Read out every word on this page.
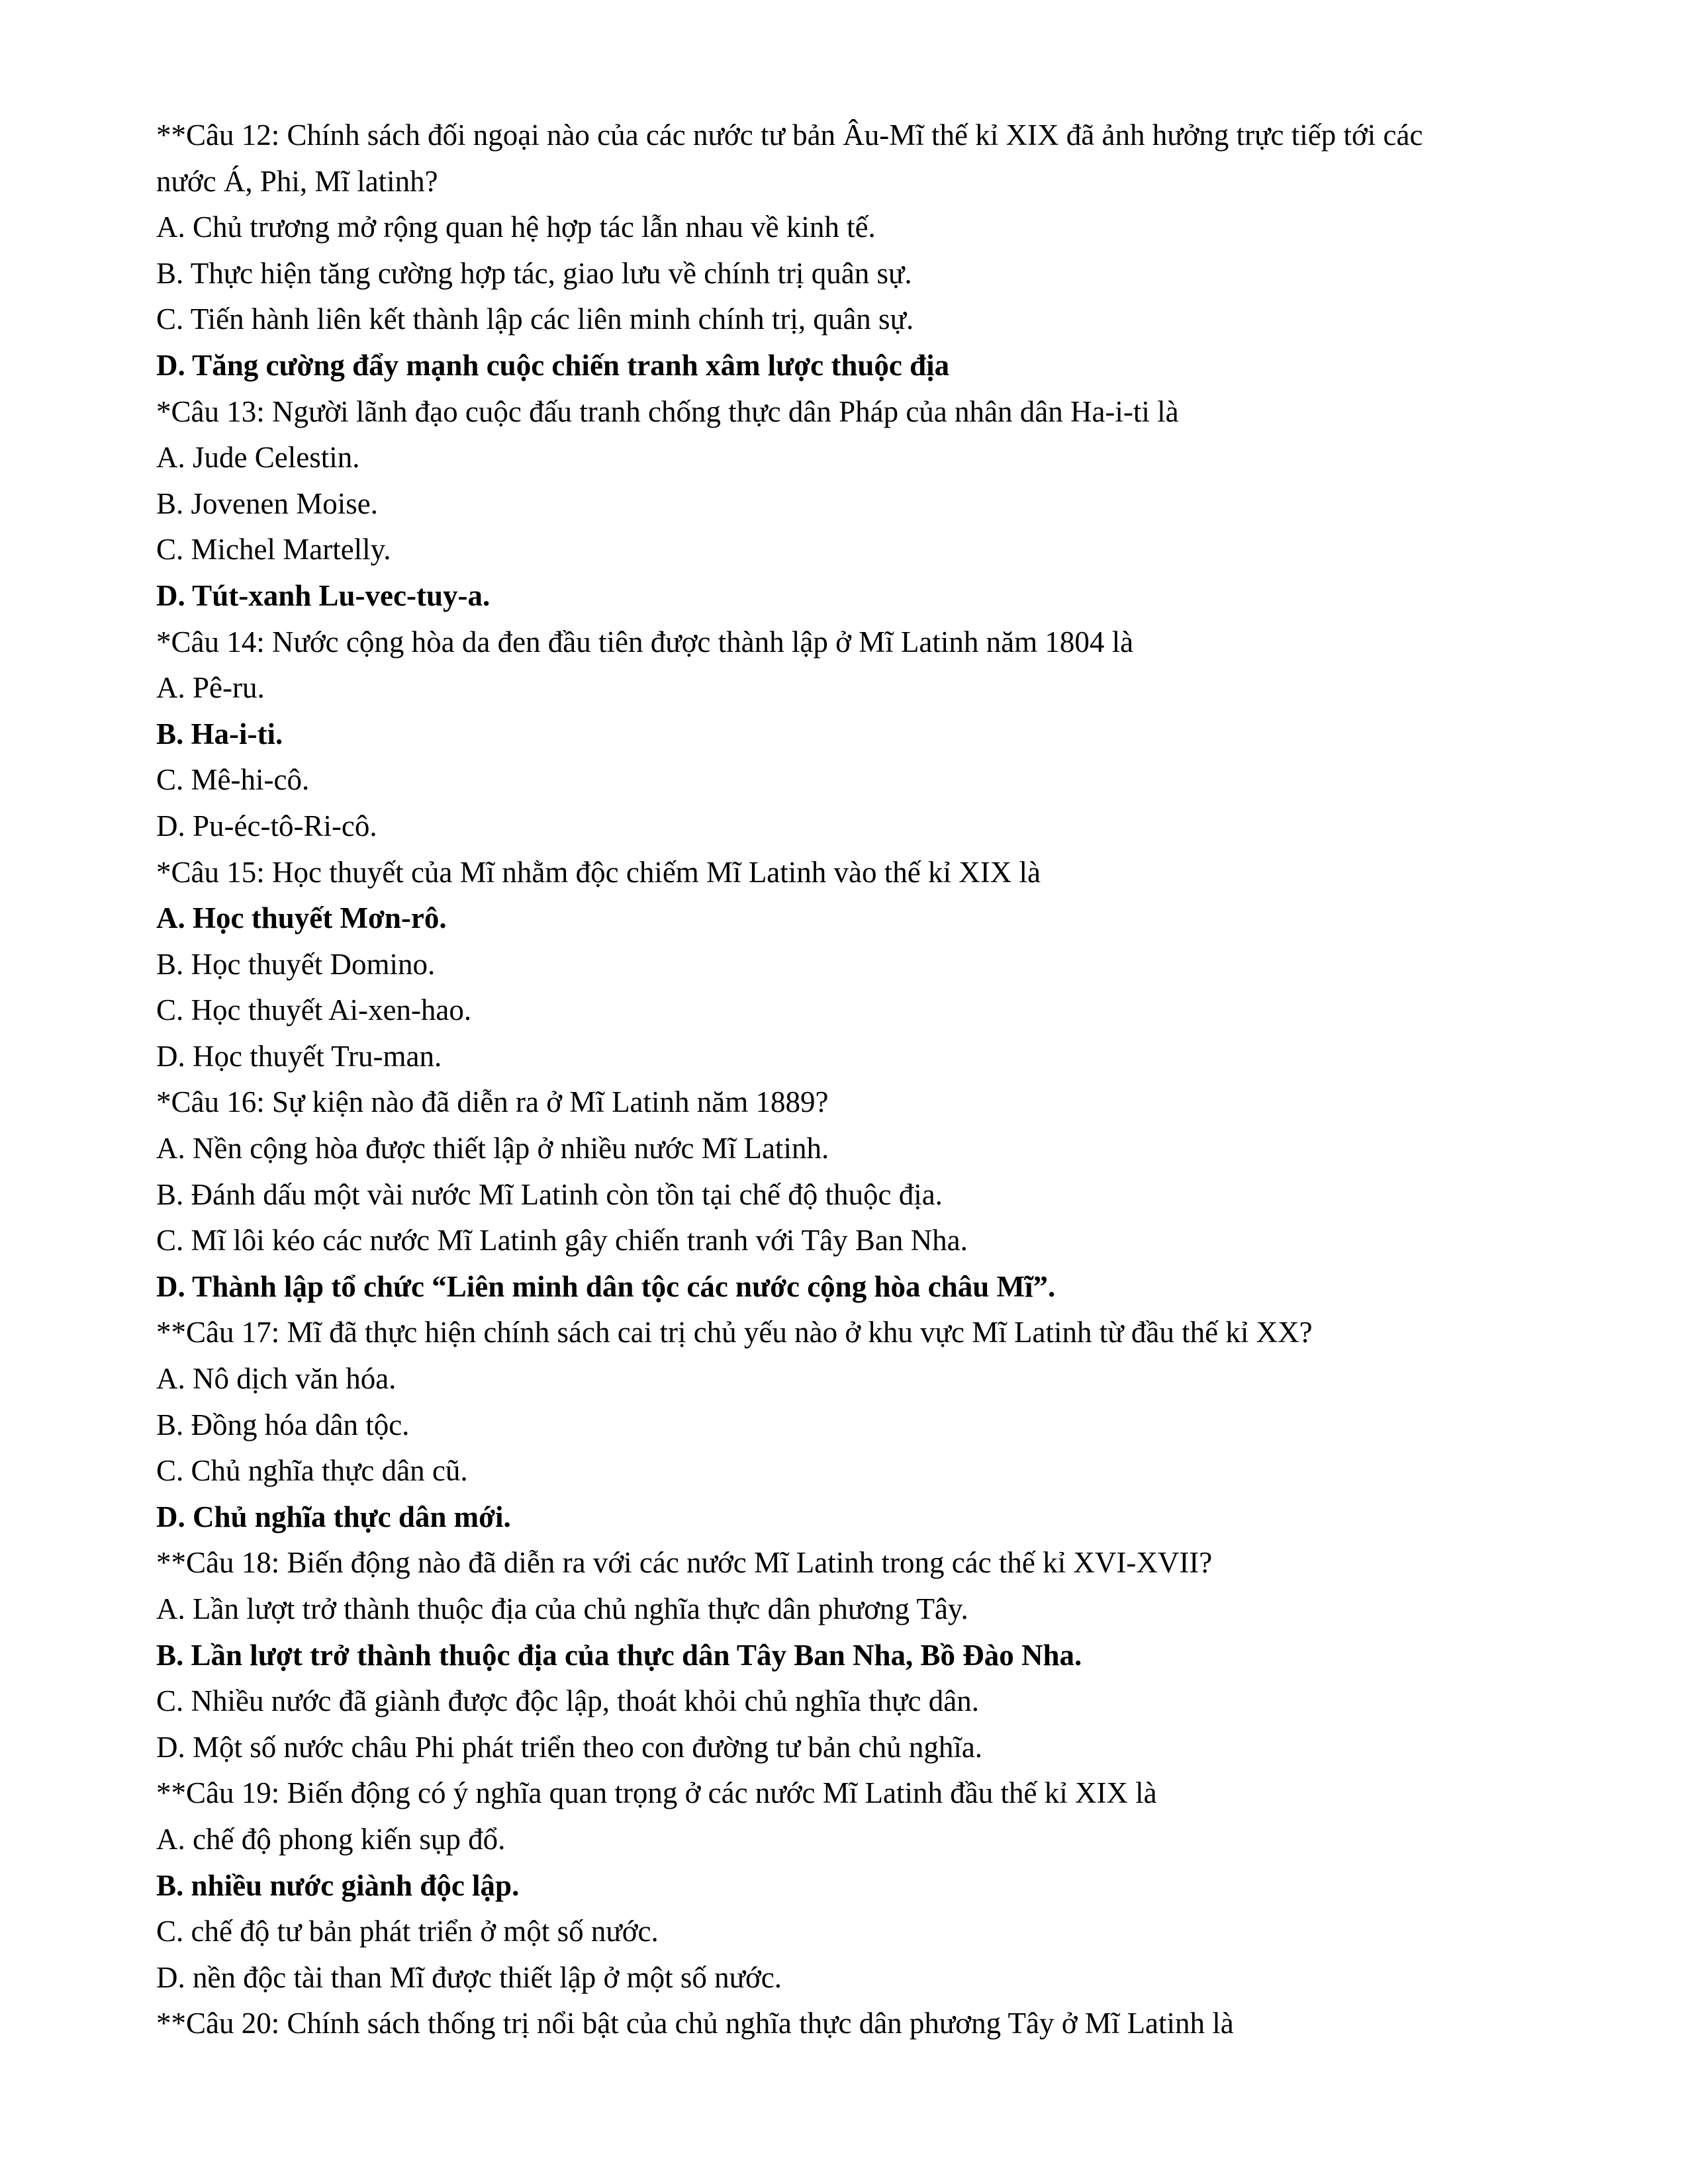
**Câu 12: Chính sách đối ngoại nào của các nước tư bản Âu-Mĩ thế kỉ XIX đã ảnh hưởng trực tiếp tới các
nước Á, Phi, Mĩ latinh?
A. Chủ trương mở rộng quan hệ hợp tác lẫn nhau về kinh tế.
B. Thực hiện tăng cường hợp tác, giao lưu về chính trị quân sự.
C. Tiến hành liên kết thành lập các liên minh chính trị, quân sự.
D. Tăng cường đẩy mạnh cuộc chiến tranh xâm lược thuộc địa
*Câu 13: Người lãnh đạo cuộc đấu tranh chống thực dân Pháp của nhân dân Ha-i-ti là
A. Jude Celestin.
B. Jovenen Moise.
C. Michel Martelly.
D. Tút-xanh Lu-vec-tuy-a.
*Câu 14: Nước cộng hòa da đen đầu tiên được thành lập ở Mĩ Latinh năm 1804 là
A. Pê-ru.
B. Ha-i-ti.
C. Mê-hi-cô.
D. Pu-éc-tô-Ri-cô.
*Câu 15: Học thuyết của Mĩ nhằm độc chiếm Mĩ Latinh vào thế kỉ XIX là
A. Học thuyết Mơn-rô.
B. Học thuyết Domino.
C. Học thuyết Ai-xen-hao.
D. Học thuyết Tru-man.
*Câu 16: Sự kiện nào đã diễn ra ở Mĩ Latinh năm 1889?
A. Nền cộng hòa được thiết lập ở nhiều nước Mĩ Latinh.
B. Đánh dấu một vài nước Mĩ Latinh còn tồn tại chế độ thuộc địa.
C. Mĩ lôi kéo các nước Mĩ Latinh gây chiến tranh với Tây Ban Nha.
D. Thành lập tổ chức “Liên minh dân tộc các nước cộng hòa châu Mĩ”.
**Câu 17: Mĩ đã thực hiện chính sách cai trị chủ yếu nào ở khu vực Mĩ Latinh từ đầu thế kỉ XX?
A. Nô dịch văn hóa.
B. Đồng hóa dân tộc.
C. Chủ nghĩa thực dân cũ.
D. Chủ nghĩa thực dân mới.
**Câu 18: Biến động nào đã diễn ra với các nước Mĩ Latinh trong các thế kỉ XVI-XVII?
A. Lần lượt trở thành thuộc địa của chủ nghĩa thực dân phương Tây.
B. Lần lượt trở thành thuộc địa của thực dân Tây Ban Nha, Bồ Đào Nha.
C. Nhiều nước đã giành được độc lập, thoát khỏi chủ nghĩa thực dân.
D. Một số nước châu Phi phát triển theo con đường tư bản chủ nghĩa.
**Câu 19: Biến động có ý nghĩa quan trọng ở các nước Mĩ Latinh đầu thế kỉ XIX là
A. chế độ phong kiến sụp đổ.
B. nhiều nước giành độc lập.
C. chế độ tư bản phát triển ở một số nước.
D. nền độc tài than Mĩ được thiết lập ở một số nước.
**Câu 20: Chính sách thống trị nổi bật của chủ nghĩa thực dân phương Tây ở Mĩ Latinh là
